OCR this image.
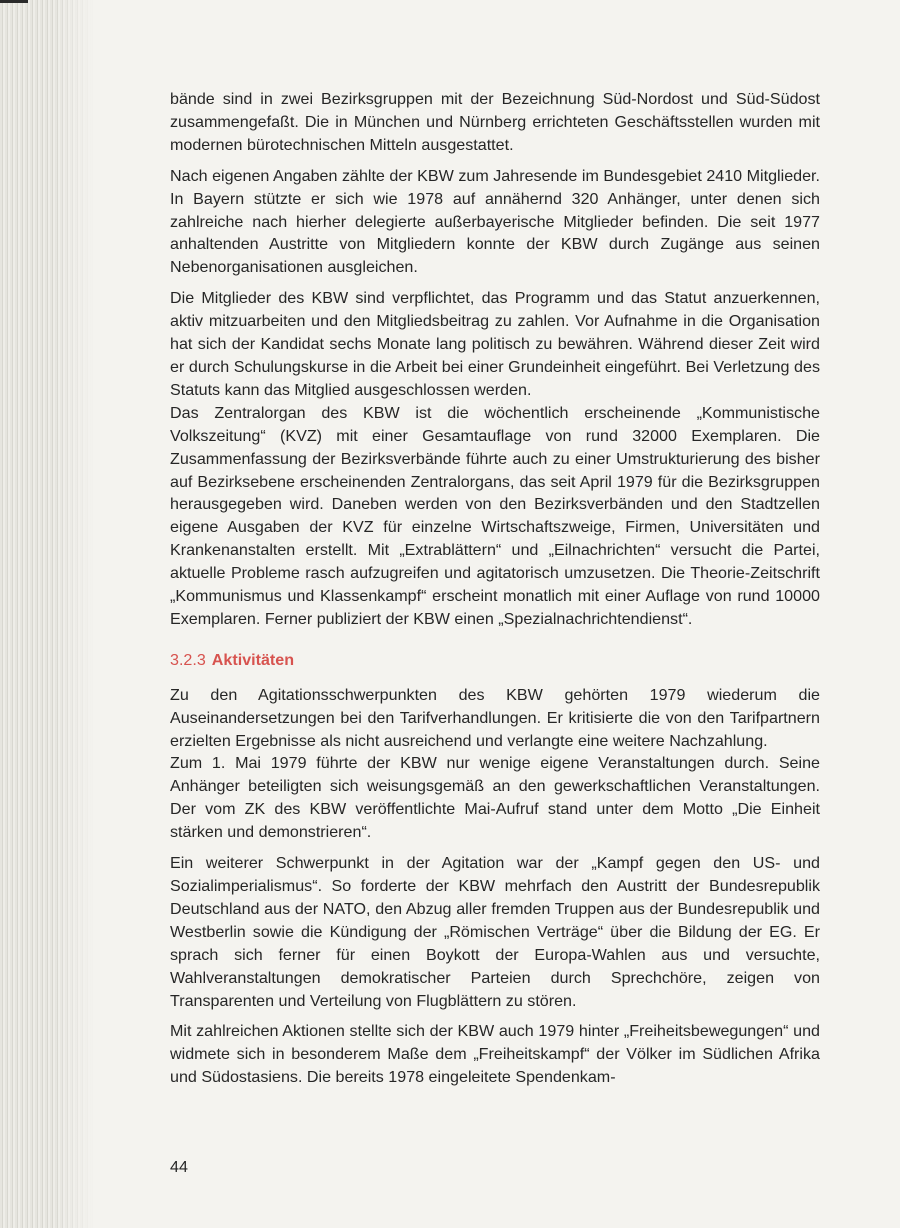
bände sind in zwei Bezirksgruppen mit der Bezeichnung Süd-Nordost und Süd-Südost zusammengefaßt. Die in München und Nürnberg errichteten Geschäftsstellen wurden mit modernen bürotechnischen Mitteln ausgestattet.

Nach eigenen Angaben zählte der KBW zum Jahresende im Bundesgebiet 2410 Mitglieder. In Bayern stützte er sich wie 1978 auf annähernd 320 Anhänger, unter denen sich zahlreiche nach hierher delegierte außerbayerische Mitglieder befinden. Die seit 1977 anhaltenden Austritte von Mitgliedern konnte der KBW durch Zugänge aus seinen Nebenorganisationen ausgleichen.

Die Mitglieder des KBW sind verpflichtet, das Programm und das Statut anzuerkennen, aktiv mitzuarbeiten und den Mitgliedsbeitrag zu zahlen. Vor Aufnahme in die Organisation hat sich der Kandidat sechs Monate lang politisch zu bewähren. Während dieser Zeit wird er durch Schulungskurse in die Arbeit bei einer Grundeinheit eingeführt. Bei Verletzung des Statuts kann das Mitglied ausgeschlossen werden.

Das Zentralorgan des KBW ist die wöchentlich erscheinende „Kommunistische Volkszeitung“ (KVZ) mit einer Gesamtauflage von rund 32000 Exemplaren. Die Zusammenfassung der Bezirksverbände führte auch zu einer Umstrukturierung des bisher auf Bezirksebene erscheinenden Zentralorgans, das seit April 1979 für die Bezirksgruppen herausgegeben wird. Daneben werden von den Bezirksverbänden und den Stadtzellen eigene Ausgaben der KVZ für einzelne Wirtschaftszweige, Firmen, Universitäten und Krankenanstalten erstellt. Mit „Extrablättern“ und „Eilnachrichten“ versucht die Partei, aktuelle Probleme rasch aufzugreifen und agitatorisch umzusetzen. Die Theorie-Zeitschrift „Kommunismus und Klassenkampf“ erscheint monatlich mit einer Auflage von rund 10000 Exemplaren. Ferner publiziert der KBW einen „Spezialnachrichtendienst“.

3.2.3 Aktivitäten

Zu den Agitationsschwerpunkten des KBW gehörten 1979 wiederum die Auseinandersetzungen bei den Tarifverhandlungen. Er kritisierte die von den Tarifpartnern erzielten Ergebnisse als nicht ausreichend und verlangte eine weitere Nachzahlung.

Zum 1. Mai 1979 führte der KBW nur wenige eigene Veranstaltungen durch. Seine Anhänger beteiligten sich weisungsgemäß an den gewerkschaftlichen Veranstaltungen. Der vom ZK des KBW veröffentlichte Mai-Aufruf stand unter dem Motto „Die Einheit stärken und demonstrieren“.

Ein weiterer Schwerpunkt in der Agitation war der „Kampf gegen den US- und Sozialimperialismus“. So forderte der KBW mehrfach den Austritt der Bundesrepublik Deutschland aus der NATO, den Abzug aller fremden Truppen aus der Bundesrepublik und Westberlin sowie die Kündigung der „Römischen Verträge“ über die Bildung der EG. Er sprach sich ferner für einen Boykott der Europa-Wahlen aus und versuchte, Wahlveranstaltungen demokratischer Parteien durch Sprechchöre, zeigen von Transparenten und Verteilung von Flugblättern zu stören.

Mit zahlreichen Aktionen stellte sich der KBW auch 1979 hinter „Freiheitsbewegungen“ und widmete sich in besonderem Maße dem „Freiheitskampf“ der Völker im Südlichen Afrika und Südostasiens. Die bereits 1978 eingeleitete Spendenkam-

44
